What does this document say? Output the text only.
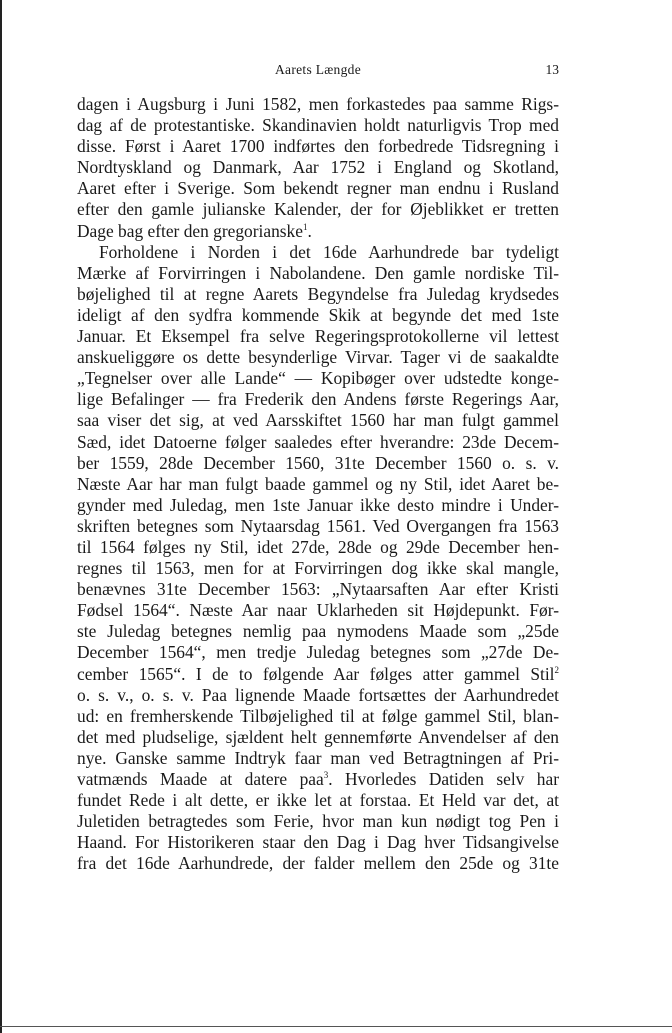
Aarets Længde	13
dagen i Augsburg i Juni 1582, men forkastedes paa samme Rigs-
dag af de protestantiske. Skandinavien holdt naturligvis Trop med
disse. Først i Aaret 1700 indførtes den forbedrede Tidsregning i
Nordtyskland og Danmark, Aar 1752 i England og Skotland,
Aaret efter i Sverige. Som bekendt regner man endnu i Rusland
efter den gamle julianske Kalender, der for Øjeblikket er tretten
Dage bag efter den gregorianske$^1$.
Forholdene i Norden i det 16de Aarhundrede bar tydeligt
Mærke af Forvirringen i Nabolandene. Den gamle nordiske Til-
bøjelighed til at regne Aarets Begyndelse fra Juledag krydsedes
ideligt af den sydfra kommende Skik at begynde det med 1ste
Januar. Et Eksempel fra selve Regeringsprotokollerne vil lettest
anskueliggøre os dette besynderlige Virvar. Tager vi de saakaldte
„Tegnelser over alle Lande“ — Kopibøger over udstedte konge-
lige Befalinger — fra Frederik den Andens første Regerings Aar,
saa viser det sig, at ved Aarsskiftet 1560 har man fulgt gammel
Sæd, idet Datoerne følger saaledes efter hverandre: 23de Decem-
ber 1559, 28de December 1560, 31te December 1560 o. s. v.
Næste Aar har man fulgt baade gammel og ny Stil, idet Aaret be-
gynder med Juledag, men 1ste Januar ikke desto mindre i Under-
skriften betegnes som Nytaarsdag 1561. Ved Overgangen fra 1563
til 1564 følges ny Stil, idet 27de, 28de og 29de December hen-
regnes til 1563, men for at Forvirringen dog ikke skal mangle,
benævnes 31te December 1563: „Nytaarsaften Aar efter Kristi
Fødsel 1564“. Næste Aar naar Uklarheden sit Højdepunkt. Før-
ste Juledag betegnes nemlig paa nymodens Maade som „25de
December 1564“, men tredje Juledag betegnes som „27de De-
cember 1565“. I de to følgende Aar følges atter gammel Stil$^2$
o. s. v., o. s. v. Paa lignende Maade fortsættes der Aarhundredet
ud: en fremherskende Tilbøjelighed til at følge gammel Stil, blan-
det med pludselige, sjældent helt gennemførte Anvendelser af den
nye. Ganske samme Indtryk faar man ved Betragtningen af Pri-
vatmænds Maade at datere paa$^3$. Hvorledes Datiden selv har
fundet Rede i alt dette, er ikke let at forstaa. Et Held var det, at
Juletiden betragtedes som Ferie, hvor man kun nødigt tog Pen i
Haand. For Historikeren staar den Dag i Dag hver Tidsangivelse
fra det 16de Aarhundrede, der falder mellem den 25de og 31te
